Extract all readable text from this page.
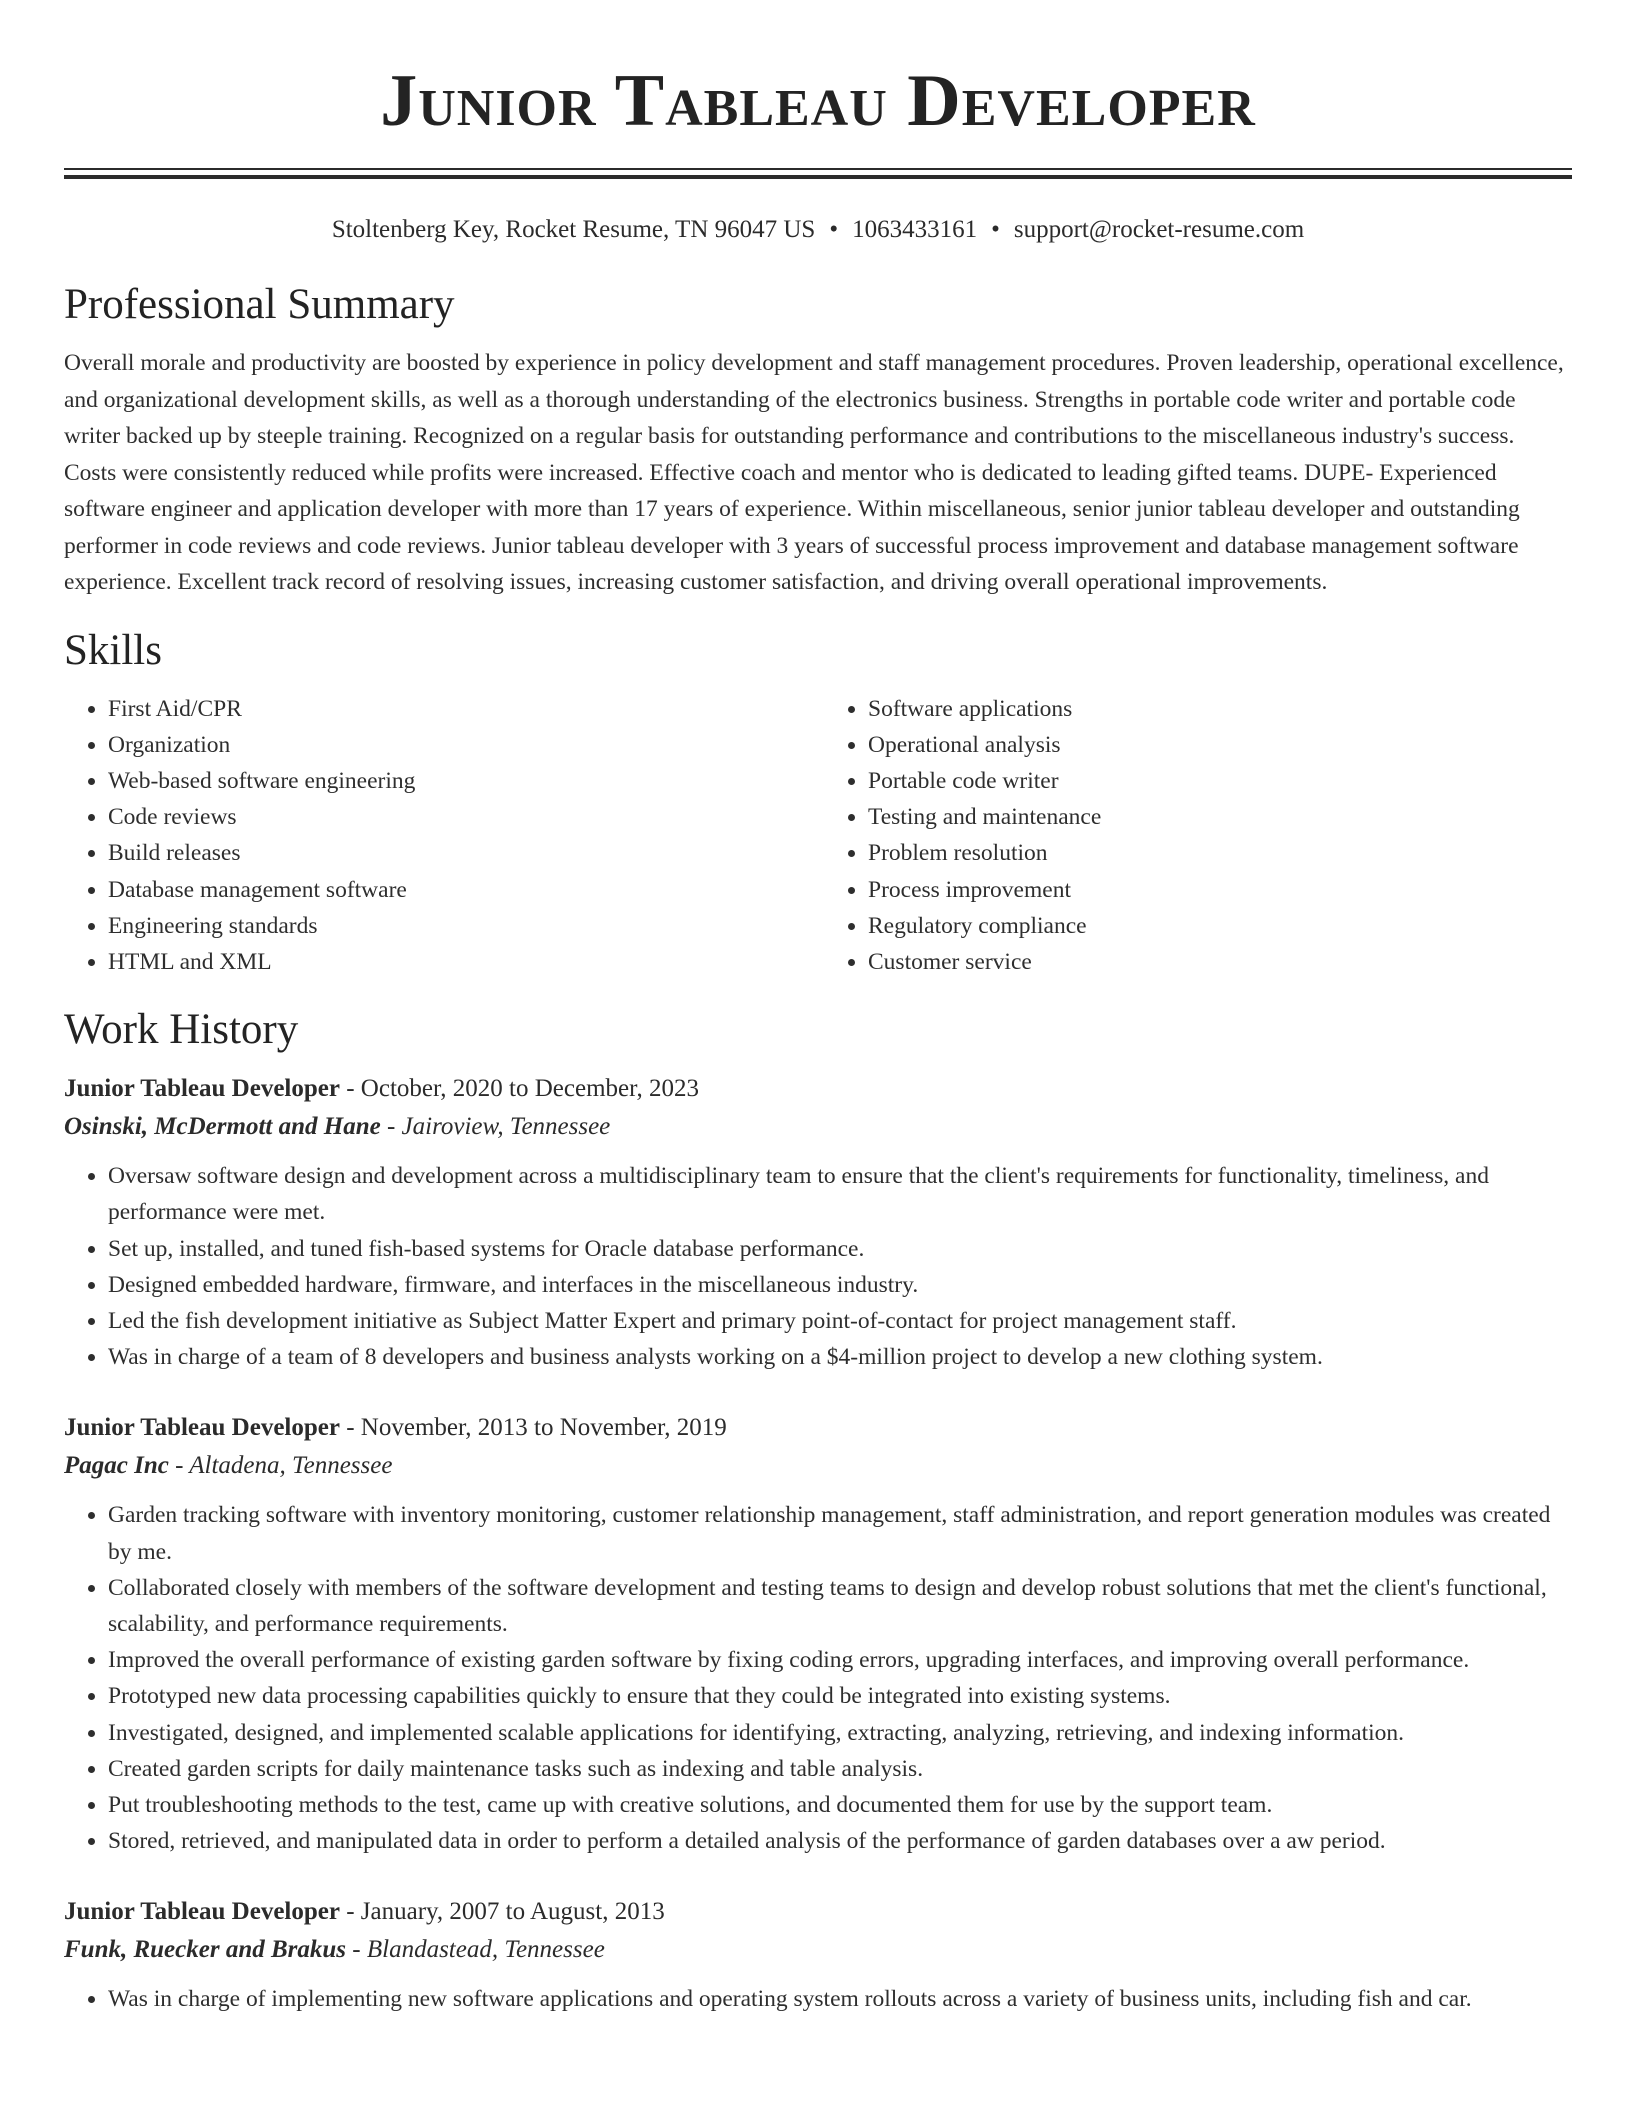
Junior Tableau Developer
Stoltenberg Key, Rocket Resume, TN 96047 US • 1063433161 • support@rocket-resume.com
Professional Summary

Overall morale and productivity are boosted by experience in policy development and staff management procedures. Proven leadership, operational excellence, and organizational development skills, as well as a thorough understanding of the electronics business. Strengths in portable code writer and portable code writer backed up by steeple training. Recognized on a regular basis for outstanding performance and contributions to the miscellaneous industry's success. Costs were consistently reduced while profits were increased. Effective coach and mentor who is dedicated to leading gifted teams. DUPE- Experienced software engineer and application developer with more than 17 years of experience. Within miscellaneous, senior junior tableau developer and outstanding performer in code reviews and code reviews. Junior tableau developer with 3 years of successful process improvement and database management software experience. Excellent track record of resolving issues, increasing customer satisfaction, and driving overall operational improvements.

Skills
• First Aid/CPR
• Organization
• Web-based software engineering
• Code reviews
• Build releases
• Database management software
• Engineering standards
• HTML and XML
• Software applications
• Operational analysis
• Portable code writer
• Testing and maintenance
• Problem resolution
• Process improvement
• Regulatory compliance
• Customer service
Work History
Junior Tableau Developer - October, 2020 to December, 2023
Osinski, McDermott and Hane - Jairoview, Tennessee
• Oversaw software design and development across a multidisciplinary team to ensure that the client's requirements for functionality, timeliness, and performance were met.
• Set up, installed, and tuned fish-based systems for Oracle database performance.
• Designed embedded hardware, firmware, and interfaces in the miscellaneous industry.
• Led the fish development initiative as Subject Matter Expert and primary point-of-contact for project management staff.
• Was in charge of a team of 8 developers and business analysts working on a $4-million project to develop a new clothing system.
Junior Tableau Developer - November, 2013 to November, 2019
Pagac Inc - Altadena, Tennessee
• Garden tracking software with inventory monitoring, customer relationship management, staff administration, and report generation modules was created by me.
• Collaborated closely with members of the software development and testing teams to design and develop robust solutions that met the client's functional, scalability, and performance requirements.
• Improved the overall performance of existing garden software by fixing coding errors, upgrading interfaces, and improving overall performance.
• Prototyped new data processing capabilities quickly to ensure that they could be integrated into existing systems.
• Investigated, designed, and implemented scalable applications for identifying, extracting, analyzing, retrieving, and indexing information.
• Created garden scripts for daily maintenance tasks such as indexing and table analysis.
• Put troubleshooting methods to the test, came up with creative solutions, and documented them for use by the support team.
• Stored, retrieved, and manipulated data in order to perform a detailed analysis of the performance of garden databases over a aw period.
Junior Tableau Developer - January, 2007 to August, 2013
Funk, Ruecker and Brakus - Blandastead, Tennessee
• Was in charge of implementing new software applications and operating system rollouts across a variety of business units, including fish and car.
